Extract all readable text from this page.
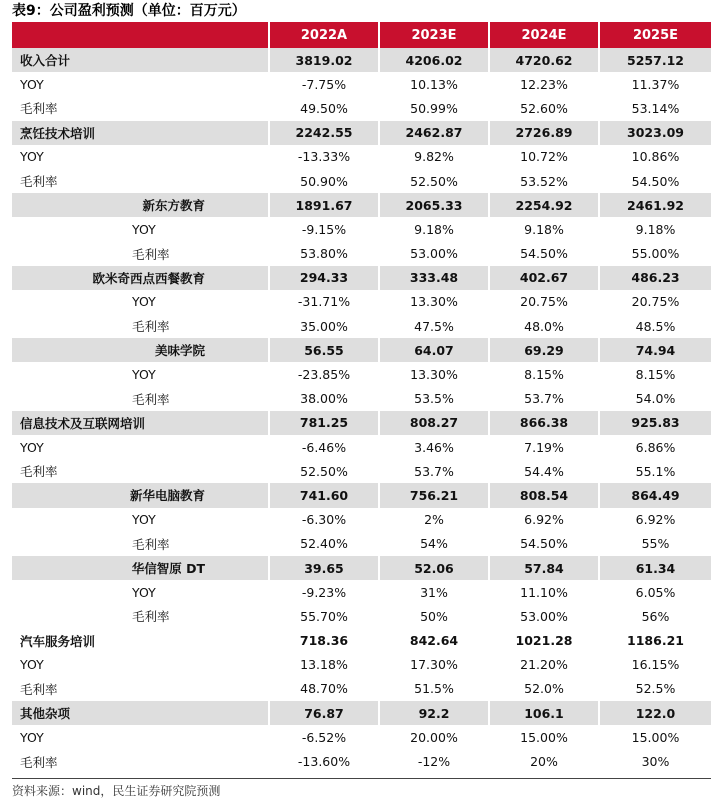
表9：公司盈利预测（单位：百万元）
	2022A	2023E	2024E	2025E
收入合计	3819.02	4206.02	4720.62	5257.12
YOY	-7.75%	10.13%	12.23%	11.37%
毛利率	49.50%	50.99%	52.60%	53.14%
烹饪技术培训	2242.55	2462.87	2726.89	3023.09
YOY	-13.33%	9.82%	10.72%	10.86%
毛利率	50.90%	52.50%	53.52%	54.50%
新东方教育	1891.67	2065.33	2254.92	2461.92
YOY	-9.15%	9.18%	9.18%	9.18%
毛利率	53.80%	53.00%	54.50%	55.00%
欧米奇西点西餐教育	294.33	333.48	402.67	486.23
YOY	-31.71%	13.30%	20.75%	20.75%
毛利率	35.00%	47.5%	48.0%	48.5%
美味学院	56.55	64.07	69.29	74.94
YOY	-23.85%	13.30%	8.15%	8.15%
毛利率	38.00%	53.5%	53.7%	54.0%
信息技术及互联网培训	781.25	808.27	866.38	925.83
YOY	-6.46%	3.46%	7.19%	6.86%
毛利率	52.50%	53.7%	54.4%	55.1%
新华电脑教育	741.60	756.21	808.54	864.49
YOY	-6.30%	2%	6.92%	6.92%
毛利率	52.40%	54%	54.50%	55%
华信智原 DT	39.65	52.06	57.84	61.34
YOY	-9.23%	31%	11.10%	6.05%
毛利率	55.70%	50%	53.00%	56%
汽车服务培训	718.36	842.64	1021.28	1186.21
YOY	13.18%	17.30%	21.20%	16.15%
毛利率	48.70%	51.5%	52.0%	52.5%
其他杂项	76.87	92.2	106.1	122.0
YOY	-6.52%	20.00%	15.00%	15.00%
毛利率	-13.60%	-12%	20%	30%
资料来源：wind，民生证券研究院预测
